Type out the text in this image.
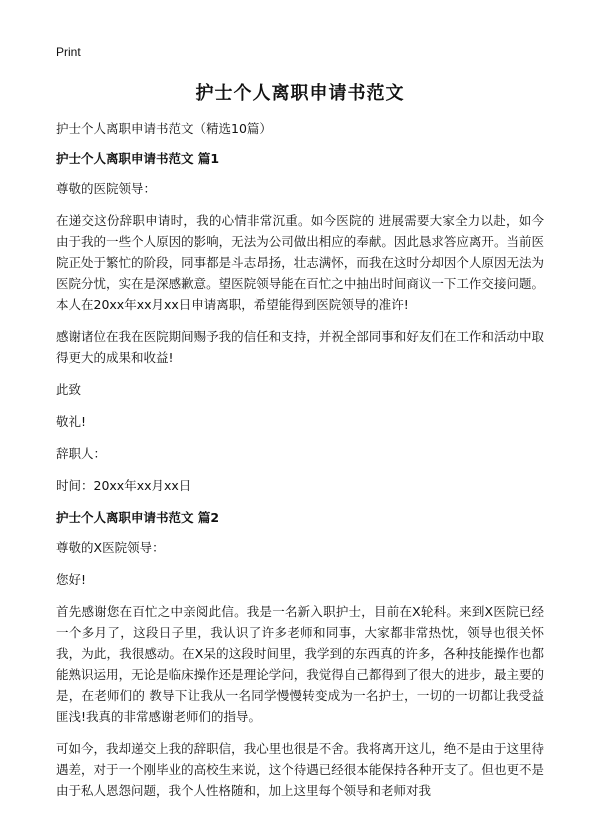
Print
护士个人离职申请书范文
护士个人离职申请书范文（精选10篇）
护士个人离职申请书范文 篇1
尊敬的医院领导：
在递交这份辞职申请时，我的心情非常沉重。如今医院的 进展需要大家全力以赴，如今由于我的一些个人原因的影响，无法为公司做出相应的奉献。因此恳求答应离开。当前医院正处于繁忙的阶段，同事都是斗志昂扬，壮志满怀，而我在这时分却因个人原因无法为医院分忧，实在是深感歉意。望医院领导能在百忙之中抽出时间商议一下工作交接问题。本人在20xx年xx月xx日申请离职，希望能得到医院领导的准许!
感谢诸位在我在医院期间赐予我的信任和支持，并祝全部同事和好友们在工作和活动中取得更大的成果和收益!
此致
敬礼!
辞职人：
时间：20xx年xx月xx日
护士个人离职申请书范文 篇2
尊敬的X医院领导：
您好!
首先感谢您在百忙之中亲阅此信。我是一名新入职护士，目前在X轮科。来到X医院已经一个多月了，这段日子里，我认识了许多老师和同事，大家都非常热忱，领导也很关怀我，为此，我很感动。在X呆的这段时间里，我学到的东西真的许多，各种技能操作也都能熟识运用，无论是临床操作还是理论学问，我觉得自己都得到了很大的进步，最主要的是，在老师们的 教导下让我从一名同学慢慢转变成为一名护士，一切的一切都让我受益匪浅!我真的非常感谢老师们的指导。
可如今，我却递交上我的辞职信，我心里也很是不舍。我将离开这儿，绝不是由于这里待遇差，对于一个刚毕业的高校生来说，这个待遇已经很本能保持各种开支了。但也更不是由于私人恩怨问题，我个人性格随和，加上这里每个领导和老师对我
